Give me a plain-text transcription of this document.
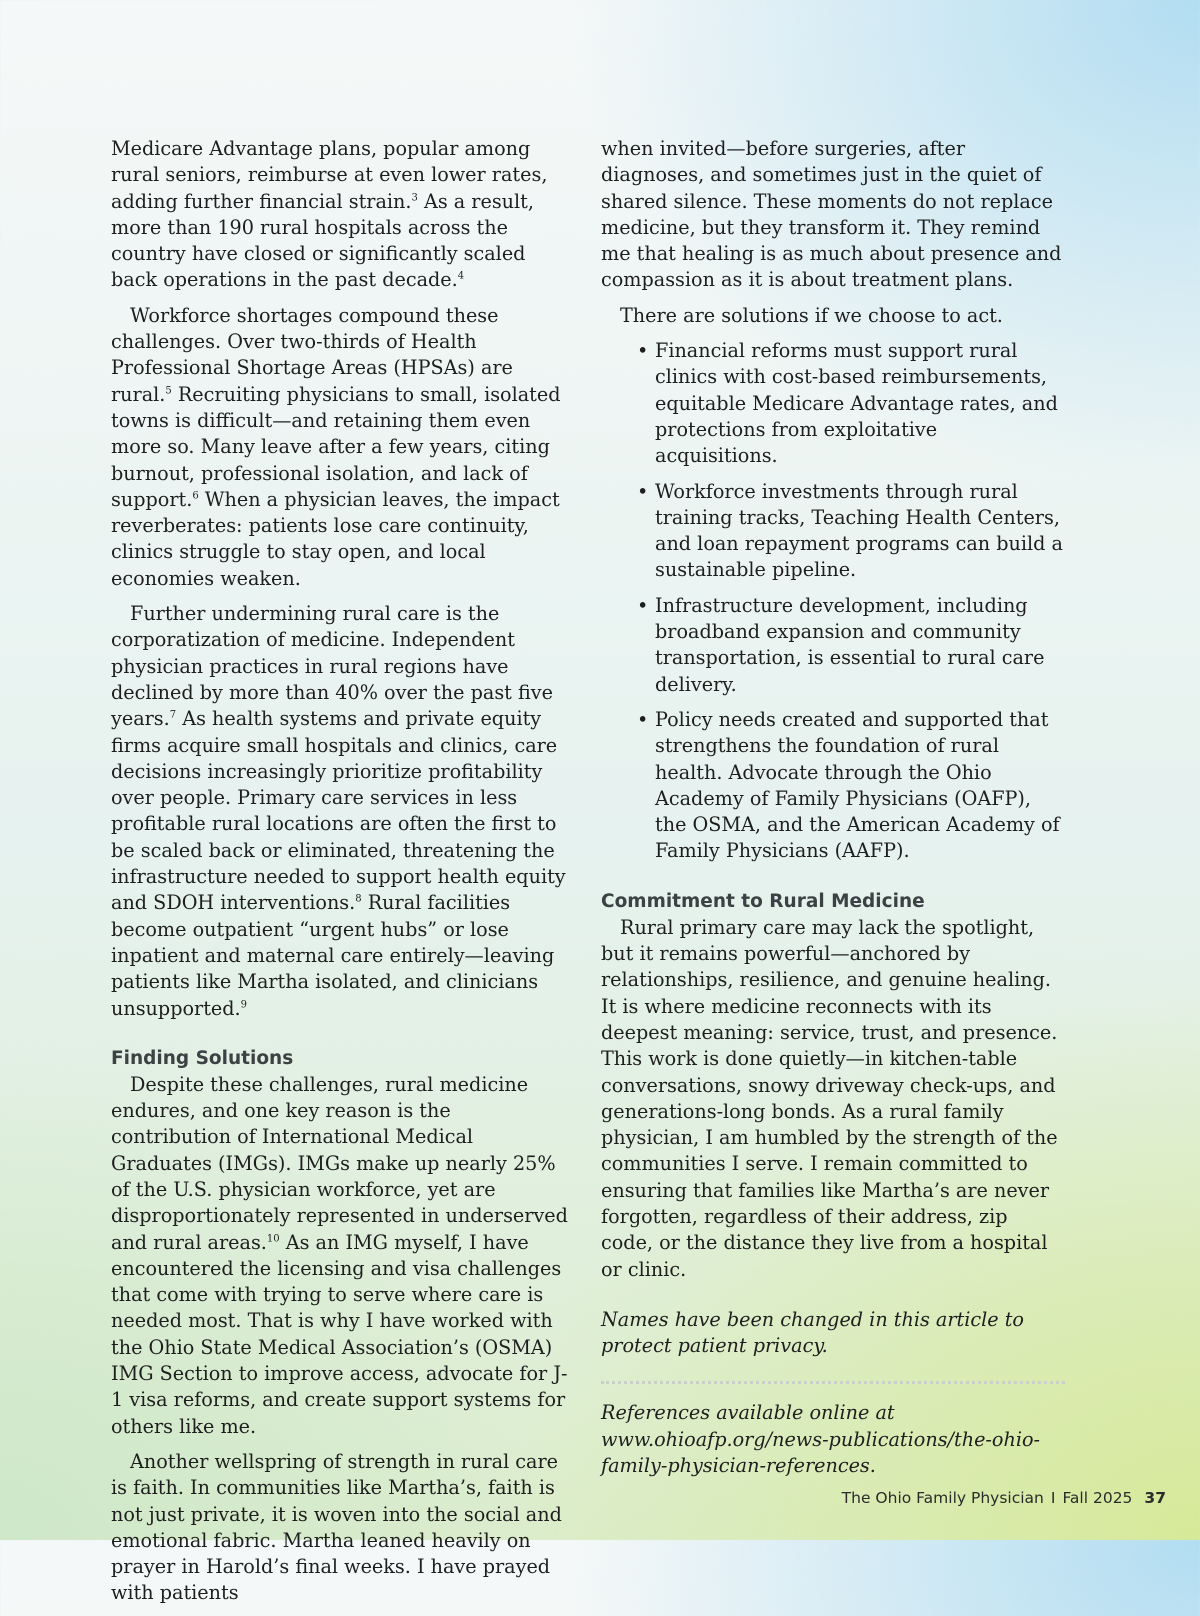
Medicare Advantage plans, popular among rural seniors, reimburse at even lower rates, adding further financial strain.$^3$ As a result, more than 190 rural hospitals across the country have closed or significantly scaled back operations in the past decade.$^4$

Workforce shortages compound these challenges. Over two-thirds of Health Professional Shortage Areas (HPSAs) are rural.$^5$ Recruiting physicians to small, isolated towns is difficult—and retaining them even more so. Many leave after a few years, citing burnout, professional isolation, and lack of support.$^6$ When a physician leaves, the impact reverberates: patients lose care continuity, clinics struggle to stay open, and local economies weaken.

Further undermining rural care is the corporatization of medicine. Independent physician practices in rural regions have declined by more than 40% over the past five years.$^7$ As health systems and private equity firms acquire small hospitals and clinics, care decisions increasingly prioritize profitability over people. Primary care services in less profitable rural locations are often the first to be scaled back or eliminated, threatening the infrastructure needed to support health equity and SDOH interventions.$^8$ Rural facilities become outpatient “urgent hubs” or lose inpatient and maternal care entirely—leaving patients like Martha isolated, and clinicians unsupported.$^9$

Finding Solutions

Despite these challenges, rural medicine endures, and one key reason is the contribution of International Medical Graduates (IMGs). IMGs make up nearly 25% of the U.S. physician workforce, yet are disproportionately represented in underserved and rural areas.$^{10}$ As an IMG myself, I have encountered the licensing and visa challenges that come with trying to serve where care is needed most. That is why I have worked with the Ohio State Medical Association’s (OSMA) IMG Section to improve access, advocate for J-1 visa reforms, and create support systems for others like me.

Another wellspring of strength in rural care is faith. In communities like Martha’s, faith is not just private, it is woven into the social and emotional fabric. Martha leaned heavily on prayer in Harold’s final weeks. I have prayed with patients

when invited—before surgeries, after diagnoses, and sometimes just in the quiet of shared silence. These moments do not replace medicine, but they transform it. They remind me that healing is as much about presence and compassion as it is about treatment plans.

There are solutions if we choose to act.

• Financial reforms must support rural clinics with cost-based reimbursements, equitable Medicare Advantage rates, and protections from exploitative acquisitions.
• Workforce investments through rural training tracks, Teaching Health Centers, and loan repayment programs can build a sustainable pipeline.
• Infrastructure development, including broadband expansion and community transportation, is essential to rural care delivery.
• Policy needs created and supported that strengthens the foundation of rural health. Advocate through the Ohio Academy of Family Physicians (OAFP), the OSMA, and the American Academy of Family Physicians (AAFP).
Commitment to Rural Medicine

Rural primary care may lack the spotlight, but it remains powerful—anchored by relationships, resilience, and genuine healing. It is where medicine reconnects with its deepest meaning: service, trust, and presence. This work is done quietly—in kitchen-table conversations, snowy driveway check-ups, and generations-long bonds. As a rural family physician, I am humbled by the strength of the communities I serve. I remain committed to ensuring that families like Martha’s are never forgotten, regardless of their address, zip code, or the distance they live from a hospital or clinic.

Names have been changed in this article to protect patient privacy.

References available online at www.ohioafp.org/news-publications/the-ohio-family-physician-references.

The Ohio Family Physician I Fall 2025 37
